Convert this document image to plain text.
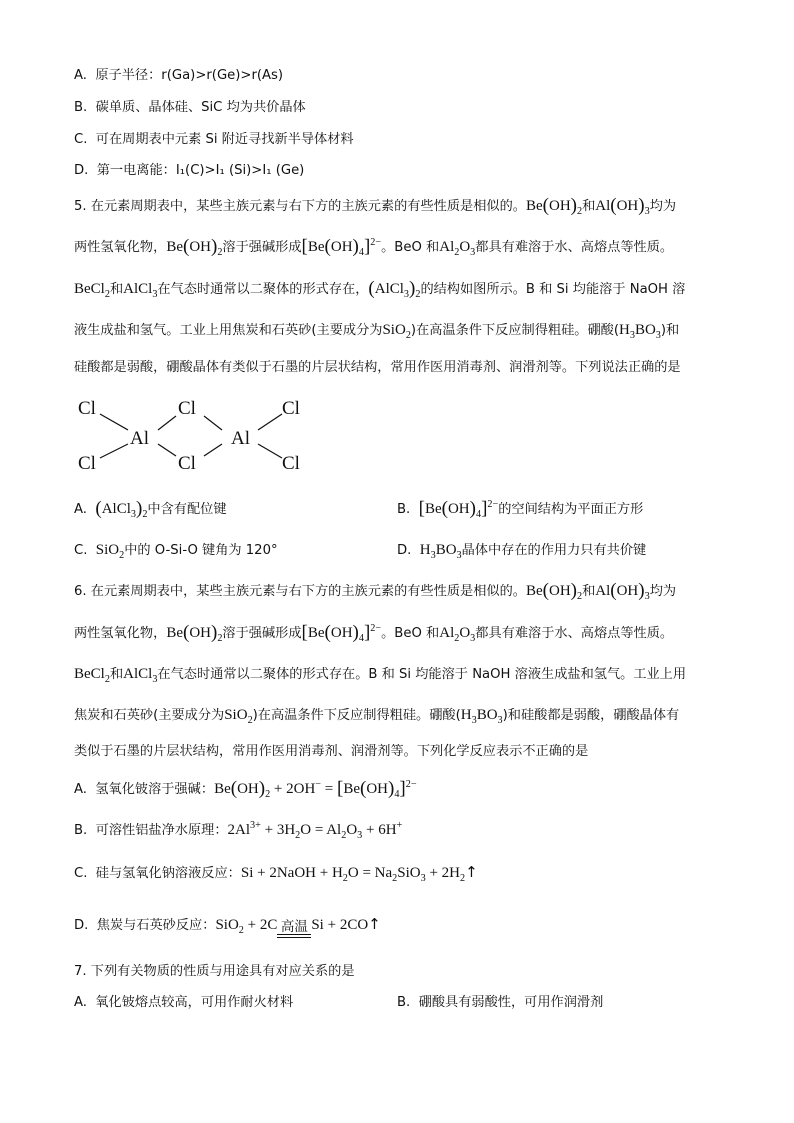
A. 原子半径：r(Ga)>r(Ge)>r(As)
B. 碳单质、晶体硅、SiC 均为共价晶体
C. 可在周期表中元素 Si 附近寻找新半导体材料
D. 第一电离能：I₁(C)>I₁ (Si)>I₁ (Ge)
5. 在元素周期表中，某些主族元素与右下方的主族元素的有些性质是相似的。$Be(OH)_2$和$Al(OH)_3$均为
两性氢氧化物，$Be(OH)_2$溶于强碱形成$[Be(OH)_4]^{2-}$。BeO 和$Al_2O_3$都具有难溶于水、高熔点等性质。
BeCl$_2$和AlCl$_3$在气态时通常以二聚体的形式存在，$(AlCl_3)_2$的结构如图所示。B 和 Si 均能溶于 NaOH 溶
液生成盐和氢气。工业上用焦炭和石英砂(主要成分为SiO$_2$)在高温条件下反应制得粗硅。硼酸$(H_3BO_3)$和
硅酸都是弱酸，硼酸晶体有类似于石墨的片层状结构，常用作医用消毒剂、润滑剂等。下列说法正确的是
Cl
Cl
Al
Cl
Cl
Al
Cl
Cl
A. $(AlCl_3)_2$中含有配位键	B. $[Be(OH)_4]^{2-}$的空间结构为平面正方形
C. SiO$_2$中的 O-Si-O 键角为 120°	D. $H_3BO_3$晶体中存在的作用力只有共价键
6. 在元素周期表中，某些主族元素与右下方的主族元素的有些性质是相似的。$Be(OH)_2$和$Al(OH)_3$均为
两性氢氧化物，$Be(OH)_2$溶于强碱形成$[Be(OH)_4]^{2-}$。BeO 和$Al_2O_3$都具有难溶于水、高熔点等性质。
BeCl$_2$和AlCl$_3$在气态时通常以二聚体的形式存在。B 和 Si 均能溶于 NaOH 溶液生成盐和氢气。工业上用
焦炭和石英砂(主要成分为SiO$_2$)在高温条件下反应制得粗硅。硼酸$(H_3BO_3)$和硅酸都是弱酸，硼酸晶体有
类似于石墨的片层状结构，常用作医用消毒剂、润滑剂等。下列化学反应表示不正确的是
A. 氢氧化铍溶于强碱：$Be(OH)_2 + 2OH^- = [Be(OH)_4]^{2-}$
B. 可溶性铝盐净水原理：$2Al^{3+} + 3H_2O = Al_2O_3 + 6H^+$
C. 硅与氢氧化钠溶液反应：Si + 2NaOH + $H_2O = Na_2SiO_3$ + $2H_2↑$
D. 焦炭与石英砂反应：SiO$_2$ + 2C 高温 Si + 2CO↑
7. 下列有关物质的性质与用途具有对应关系的是
A. 氧化铍熔点较高，可用作耐火材料	B. 硼酸具有弱酸性，可用作润滑剂
